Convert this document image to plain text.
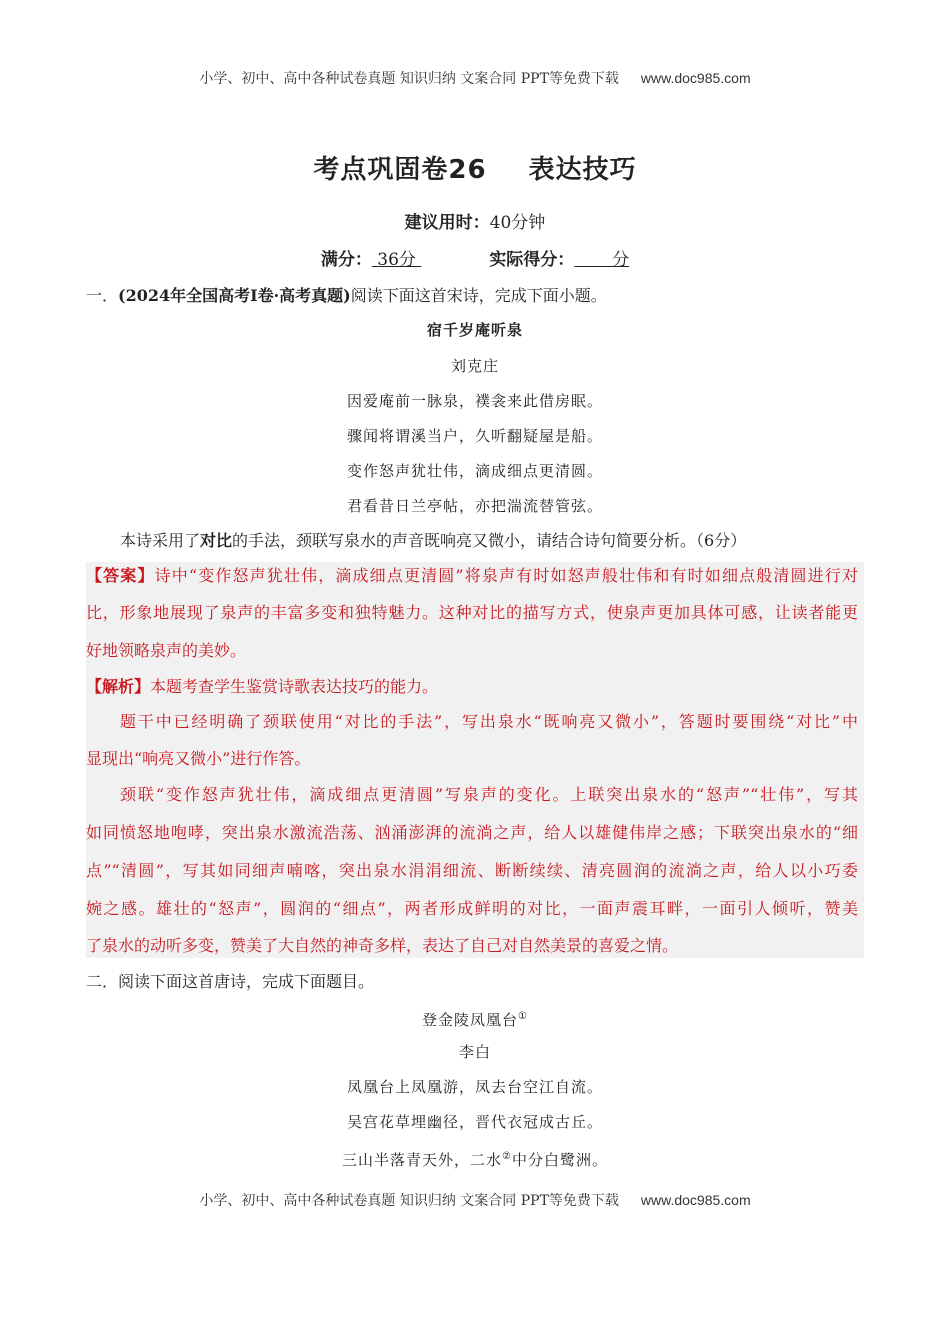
小学、初中、高中各种试卷真题 知识归纳 文案合同 PPT等免费下载 www.doc985.com
考点巩固卷26 表达技巧
建议用时：40分钟
满分： 36分	实际得分：       分
一．(2024年全国高考Ⅰ卷·高考真题)阅读下面这首宋诗，完成下面小题。
宿千岁庵听泉
刘克庄
因爱庵前一脉泉，襆衾来此借房眠。
骤闻将谓溪当户，久听翻疑屋是船。
变作怒声犹壮伟，滴成细点更清圆。
君看昔日兰亭帖，亦把湍流替管弦。
本诗采用了对比的手法，颈联写泉水的声音既响亮又微小，请结合诗句简要分析。（6分）
【答案】诗中“变作怒声犹壮伟，滴成细点更清圆”将泉声有时如怒声般壮伟和有时如细点般清圆进行对
比，形象地展现了泉声的丰富多变和独特魅力。这种对比的描写方式，使泉声更加具体可感，让读者能更
好地领略泉声的美妙。
【解析】本题考查学生鉴赏诗歌表达技巧的能力。
题干中已经明确了颈联使用“对比的手法”，写出泉水“既响亮又微小”，答题时要围绕“对比”中
显现出“响亮又微小”进行作答。
颈联“变作怒声犹壮伟，滴成细点更清圆”写泉声的变化。上联突出泉水的“怒声”“壮伟”，写其
如同愤怒地咆哮，突出泉水激流浩荡、汹涌澎湃的流淌之声，给人以雄健伟岸之感；下联突出泉水的“细
点”“清圆”，写其如同细声喃喀，突出泉水涓涓细流、断断续续、清亮圆润的流淌之声，给人以小巧委
婉之感。雄壮的“怒声”，圆润的“细点”，两者形成鲜明的对比，一面声震耳畔，一面引人倾听，赞美
了泉水的动听多变，赞美了大自然的神奇多样，表达了自己对自然美景的喜爱之情。
二．阅读下面这首唐诗，完成下面题目。
登金陵凤凰台①
李白
凤凰台上凤凰游，凤去台空江自流。
吴宫花草埋幽径，晋代衣冠成古丘。
三山半落青天外，二水②中分白鹭洲。
小学、初中、高中各种试卷真题 知识归纳 文案合同 PPT等免费下载 www.doc985.com
